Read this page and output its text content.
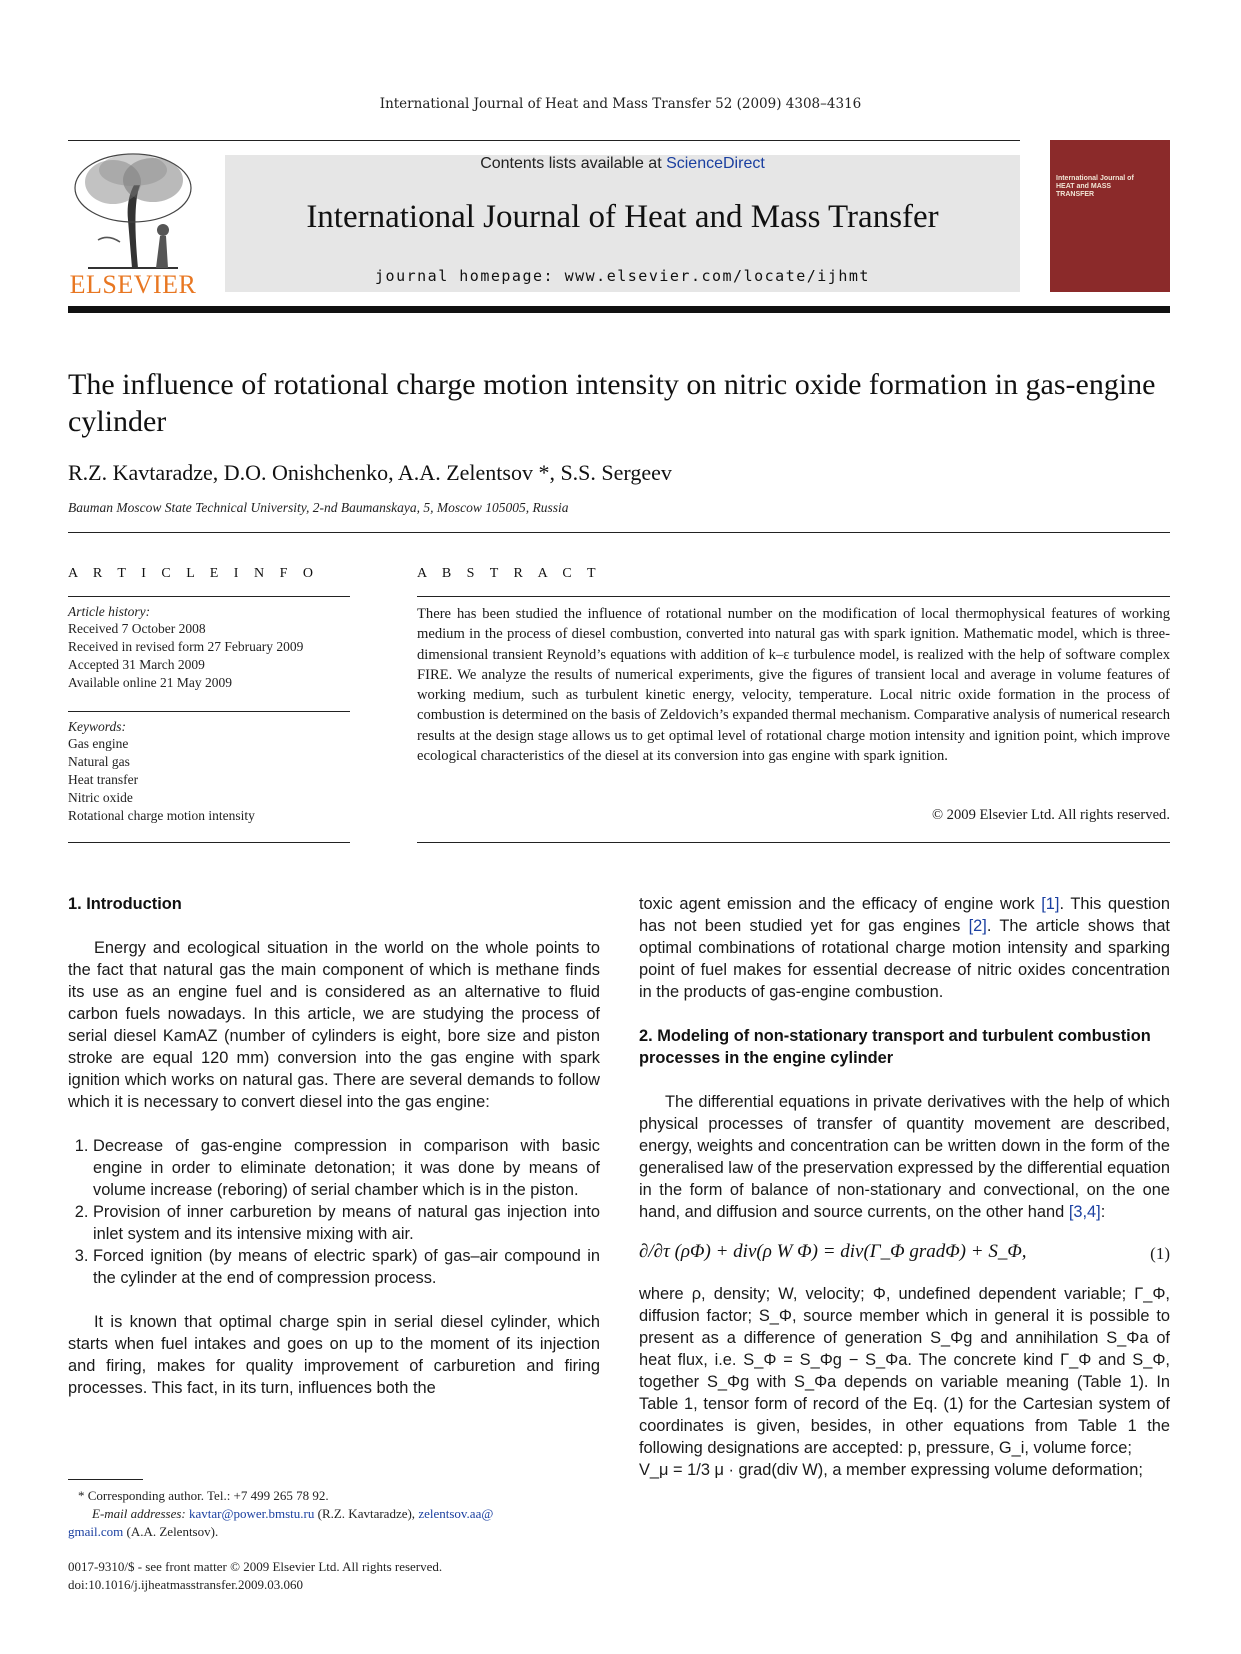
International Journal of Heat and Mass Transfer 52 (2009) 4308–4316
ELSEVIER
Contents lists available at ScienceDirect
International Journal of Heat and Mass Transfer
journal homepage: www.elsevier.com/locate/ijhmt
International Journal of HEAT and MASS TRANSFER
The influence of rotational charge motion intensity on nitric oxide formation in gas-engine cylinder
R.Z. Kavtaradze, D.O. Onishchenko, A.A. Zelentsov *, S.S. Sergeev
Bauman Moscow State Technical University, 2-nd Baumanskaya, 5, Moscow 105005, Russia
A R T I C L E I N F O
Article history:
Received 7 October 2008
Received in revised form 27 February 2009
Accepted 31 March 2009
Available online 21 May 2009
Keywords:
Gas engine
Natural gas
Heat transfer
Nitric oxide
Rotational charge motion intensity
A B S T R A C T
There has been studied the influence of rotational number on the modification of local thermophysical features of working medium in the process of diesel combustion, converted into natural gas with spark ignition. Mathematic model, which is three-dimensional transient Reynold’s equations with addition of k–ε turbulence model, is realized with the help of software complex FIRE. We analyze the results of numerical experiments, give the figures of transient local and average in volume features of working medium, such as turbulent kinetic energy, velocity, temperature. Local nitric oxide formation in the process of combustion is determined on the basis of Zeldovich’s expanded thermal mechanism. Comparative analysis of numerical research results at the design stage allows us to get optimal level of rotational charge motion intensity and ignition point, which improve ecological characteristics of the diesel at its conversion into gas engine with spark ignition.
© 2009 Elsevier Ltd. All rights reserved.
1. Introduction

Energy and ecological situation in the world on the whole points to the fact that natural gas the main component of which is methane finds its use as an engine fuel and is considered as an alternative to fluid carbon fuels nowadays. In this article, we are studying the process of serial diesel KamAZ (number of cylinders is eight, bore size and piston stroke are equal 120 mm) conversion into the gas engine with spark ignition which works on natural gas. There are several demands to follow which it is necessary to convert diesel into the gas engine:

1. Decrease of gas-engine compression in comparison with basic engine in order to eliminate detonation; it was done by means of volume increase (reboring) of serial chamber which is in the piston.
2. Provision of inner carburetion by means of natural gas injection into inlet system and its intensive mixing with air.
3. Forced ignition (by means of electric spark) of gas–air compound in the cylinder at the end of compression process.

It is known that optimal charge spin in serial diesel cylinder, which starts when fuel intakes and goes on up to the moment of its injection and firing, makes for quality improvement of carburetion and firing processes. This fact, in its turn, influences both the

toxic agent emission and the efficacy of engine work [1]. This question has not been studied yet for gas engines [2]. The article shows that optimal combinations of rotational charge motion intensity and sparking point of fuel makes for essential decrease of nitric oxides concentration in the products of gas-engine combustion.

2. Modeling of non-stationary transport and turbulent combustion processes in the engine cylinder

The differential equations in private derivatives with the help of which physical processes of transfer of quantity movement are described, energy, weights and concentration can be written down in the form of the generalised law of the preservation expressed by the differential equation in the form of balance of non-stationary and convectional, on the one hand, and diffusion and source currents, on the other hand [3,4]:

∂/∂τ (ρΦ) + div(ρ W Φ) = div(Γ_Φ gradΦ) + S_Φ,	(1)

where ρ, density; W, velocity; Φ, undefined dependent variable; Γ_Φ, diffusion factor; S_Φ, source member which in general it is possible to present as a difference of generation S_Φg and annihilation S_Φa of heat flux, i.e. S_Φ = S_Φg − S_Φa. The concrete kind Γ_Φ and S_Φ, together S_Φg with S_Φa depends on variable meaning (Table 1). In Table 1, tensor form of record of the Eq. (1) for the Cartesian system of coordinates is given, besides, in other equations from Table 1 the following designations are accepted: p, pressure, G_i, volume force;

V_μ = 1/3 μ · grad(div W), a member expressing volume deformation;

* Corresponding author. Tel.: +7 499 265 78 92.
E-mail addresses: kavtar@power.bmstu.ru (R.Z. Kavtaradze), zelentsov.aa@
gmail.com (A.A. Zelentsov).
0017-9310/$ - see front matter © 2009 Elsevier Ltd. All rights reserved.
doi:10.1016/j.ijheatmasstransfer.2009.03.060
